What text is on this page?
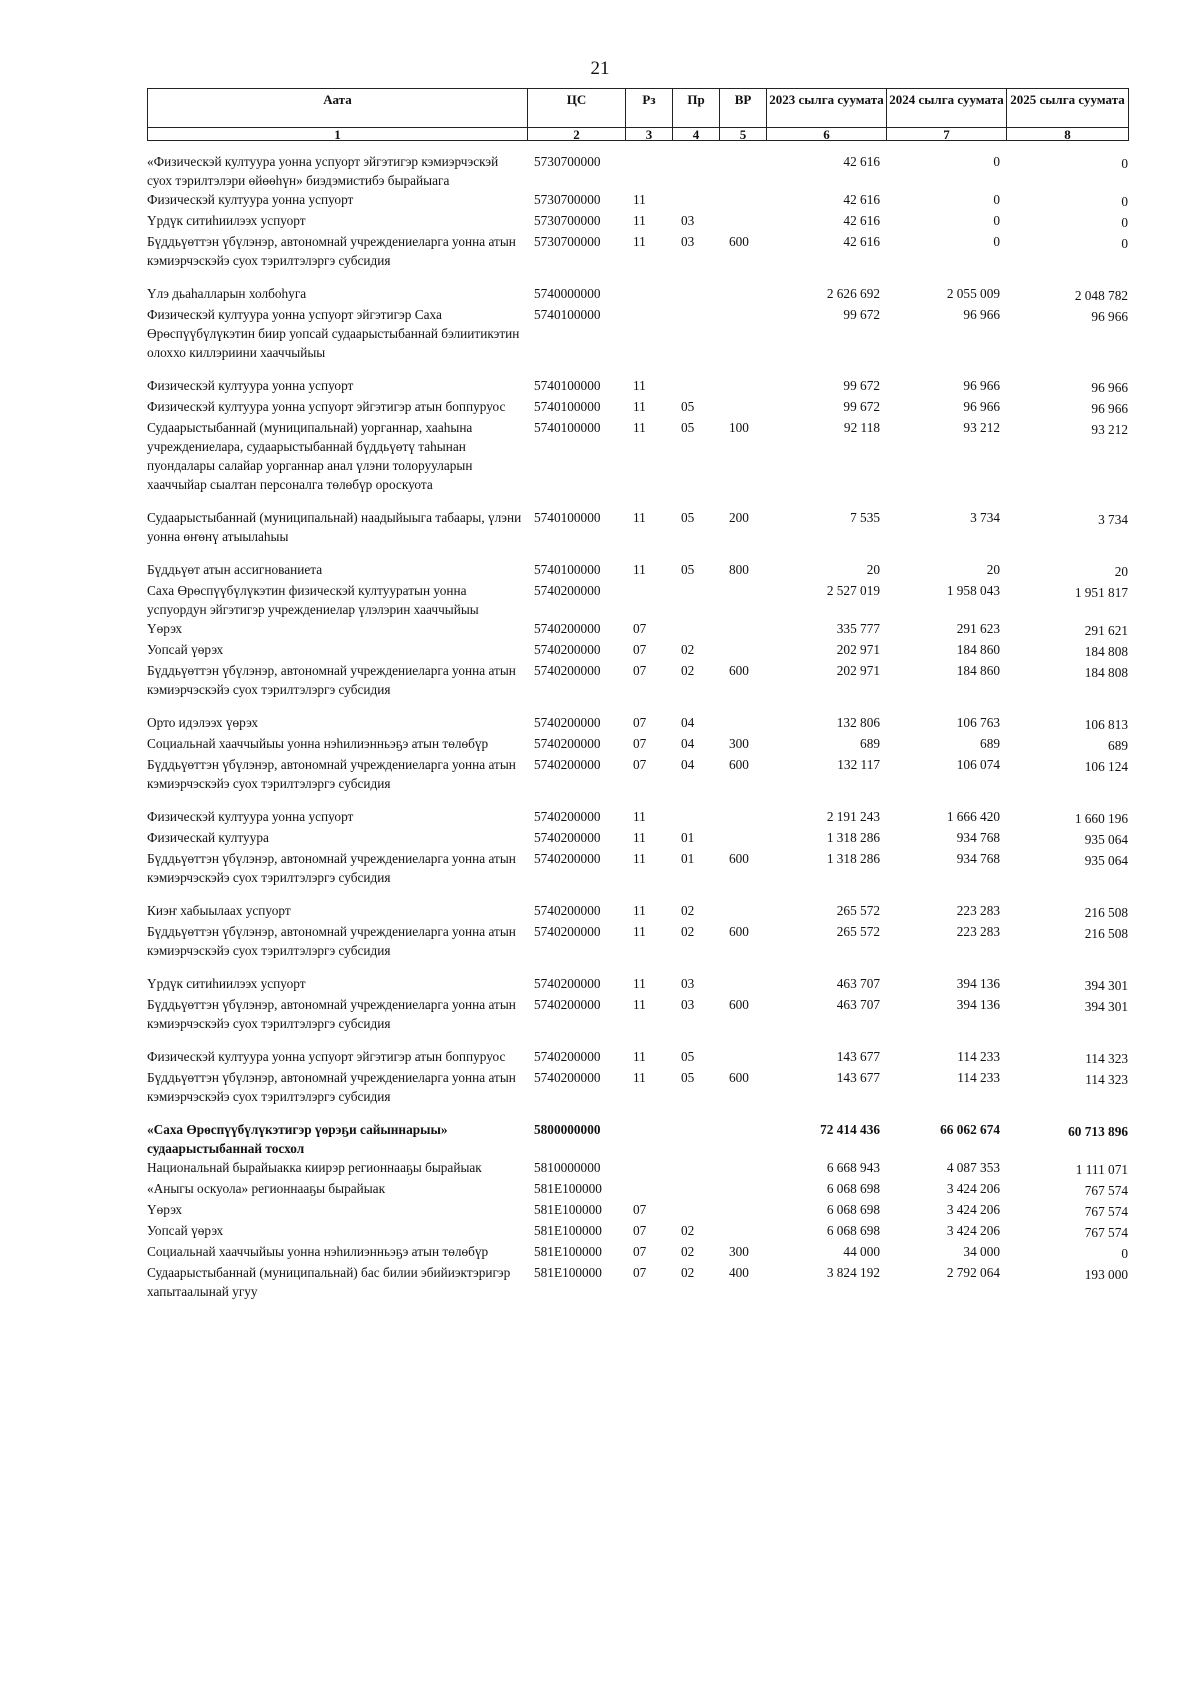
21
Аата	ЦС	Рз	Пр	ВР	2023 сылга суумата	2024 сылга суумата	2025 сылга суумата
1	2	3	4	5	6	7	8
«Физическэй култуура уонна успуорт эйгэтигэр кэмиэрчэскэй суох тэрилтэлэри өйөөһүн» биэдэмистибэ бырайыага	5730700000				42 616	0	0
Физическэй култуура уонна успуорт	5730700000	11			42 616	0	0
Үрдүк ситиһиилээх успуорт	5730700000	11	03		42 616	0	0
Бүддьүөттэн үбүлэнэр, автономнай учреждениеларга уонна атын кэмиэрчэскэйэ суох тэрилтэлэргэ субсидия	5730700000	11	03	600	42 616	0	0
Үлэ дьаһалларын холбоһуга	5740000000				2 626 692	2 055 009	2 048 782
Физическэй култуура уонна успуорт эйгэтигэр Саха Өрөспүүбүлүкэтин биир уопсай судаарыстыбаннай бэлиитикэтин олоххо киллэриини хааччыйыы	5740100000				99 672	96 966	96 966
Физическэй култуура уонна успуорт	5740100000	11			99 672	96 966	96 966
Физическэй култуура уонна успуорт эйгэтигэр атын боппуруос	5740100000	11	05		99 672	96 966	96 966
Судаарыстыбаннай (муниципальнай) уорганнар, хааһына учреждениелара, судаарыстыбаннай бүддьүөтү таһынан пуондалары салайар уорганнар анал үлэни толорууларын хааччыйар сыалтан персоналга төлөбүр ороскуота	5740100000	11	05	100	92 118	93 212	93 212
Судаарыстыбаннай (муниципальнай) наадыйыыга табаары, үлэни уонна өҥөнү атыылаһыы	5740100000	11	05	200	7 535	3 734	3 734
Бүддьүөт атын ассигнованиета	5740100000	11	05	800	20	20	20
Саха Өрөспүүбүлүкэтин физическэй култууратын уонна успуордун эйгэтигэр учреждениелар үлэлэрин хааччыйыы	5740200000				2 527 019	1 958 043	1 951 817
Үөрэх	5740200000	07			335 777	291 623	291 621
Уопсай үөрэх	5740200000	07	02		202 971	184 860	184 808
Бүддьүөттэн үбүлэнэр, автономнай учреждениеларга уонна атын кэмиэрчэскэйэ суох тэрилтэлэргэ субсидия	5740200000	07	02	600	202 971	184 860	184 808
Орто идэлээх үөрэх	5740200000	07	04		132 806	106 763	106 813
Социальнай хааччыйыы уонна нэһилиэнньэҕэ атын төлөбүр	5740200000	07	04	300	689	689	689
Бүддьүөттэн үбүлэнэр, автономнай учреждениеларга уонна атын кэмиэрчэскэйэ суох тэрилтэлэргэ субсидия	5740200000	07	04	600	132 117	106 074	106 124
Физическэй култуура уонна успуорт	5740200000	11			2 191 243	1 666 420	1 660 196
Физическай култуура	5740200000	11	01		1 318 286	934 768	935 064
Бүддьүөттэн үбүлэнэр, автономнай учреждениеларга уонна атын кэмиэрчэскэйэ суох тэрилтэлэргэ субсидия	5740200000	11	01	600	1 318 286	934 768	935 064
Киэҥ хабыылаах успуорт	5740200000	11	02		265 572	223 283	216 508
Бүддьүөттэн үбүлэнэр, автономнай учреждениеларга уонна атын кэмиэрчэскэйэ суох тэрилтэлэргэ субсидия	5740200000	11	02	600	265 572	223 283	216 508
Үрдүк ситиһиилээх успуорт	5740200000	11	03		463 707	394 136	394 301
Бүддьүөттэн үбүлэнэр, автономнай учреждениеларга уонна атын кэмиэрчэскэйэ суох тэрилтэлэргэ субсидия	5740200000	11	03	600	463 707	394 136	394 301
Физическэй култуура уонна успуорт эйгэтигэр атын боппуруос	5740200000	11	05		143 677	114 233	114 323
Бүддьүөттэн үбүлэнэр, автономнай учреждениеларга уонна атын кэмиэрчэскэйэ суох тэрилтэлэргэ субсидия	5740200000	11	05	600	143 677	114 233	114 323
«Саха Өрөспүүбүлүкэтигэр үөрэҕи сайыннарыы» судаарыстыбаннай тосхол	5800000000				72 414 436	66 062 674	60 713 896
Национальнай бырайыакка киирэр регионнааҕы бырайыак	5810000000				6 668 943	4 087 353	1 111 071
«Аныгы оскуола» регионнааҕы бырайыак	581E100000				6 068 698	3 424 206	767 574
Үөрэх	581E100000	07			6 068 698	3 424 206	767 574
Уопсай үөрэх	581E100000	07	02		6 068 698	3 424 206	767 574
Социальнай хааччыйыы уонна нэһилиэнньэҕэ атын төлөбүр	581E100000	07	02	300	44 000	34 000	0
Судаарыстыбаннай (муниципальнай) бас билии эбийиэктэригэр хапытаалынай угуу	581E100000	07	02	400	3 824 192	2 792 064	193 000
